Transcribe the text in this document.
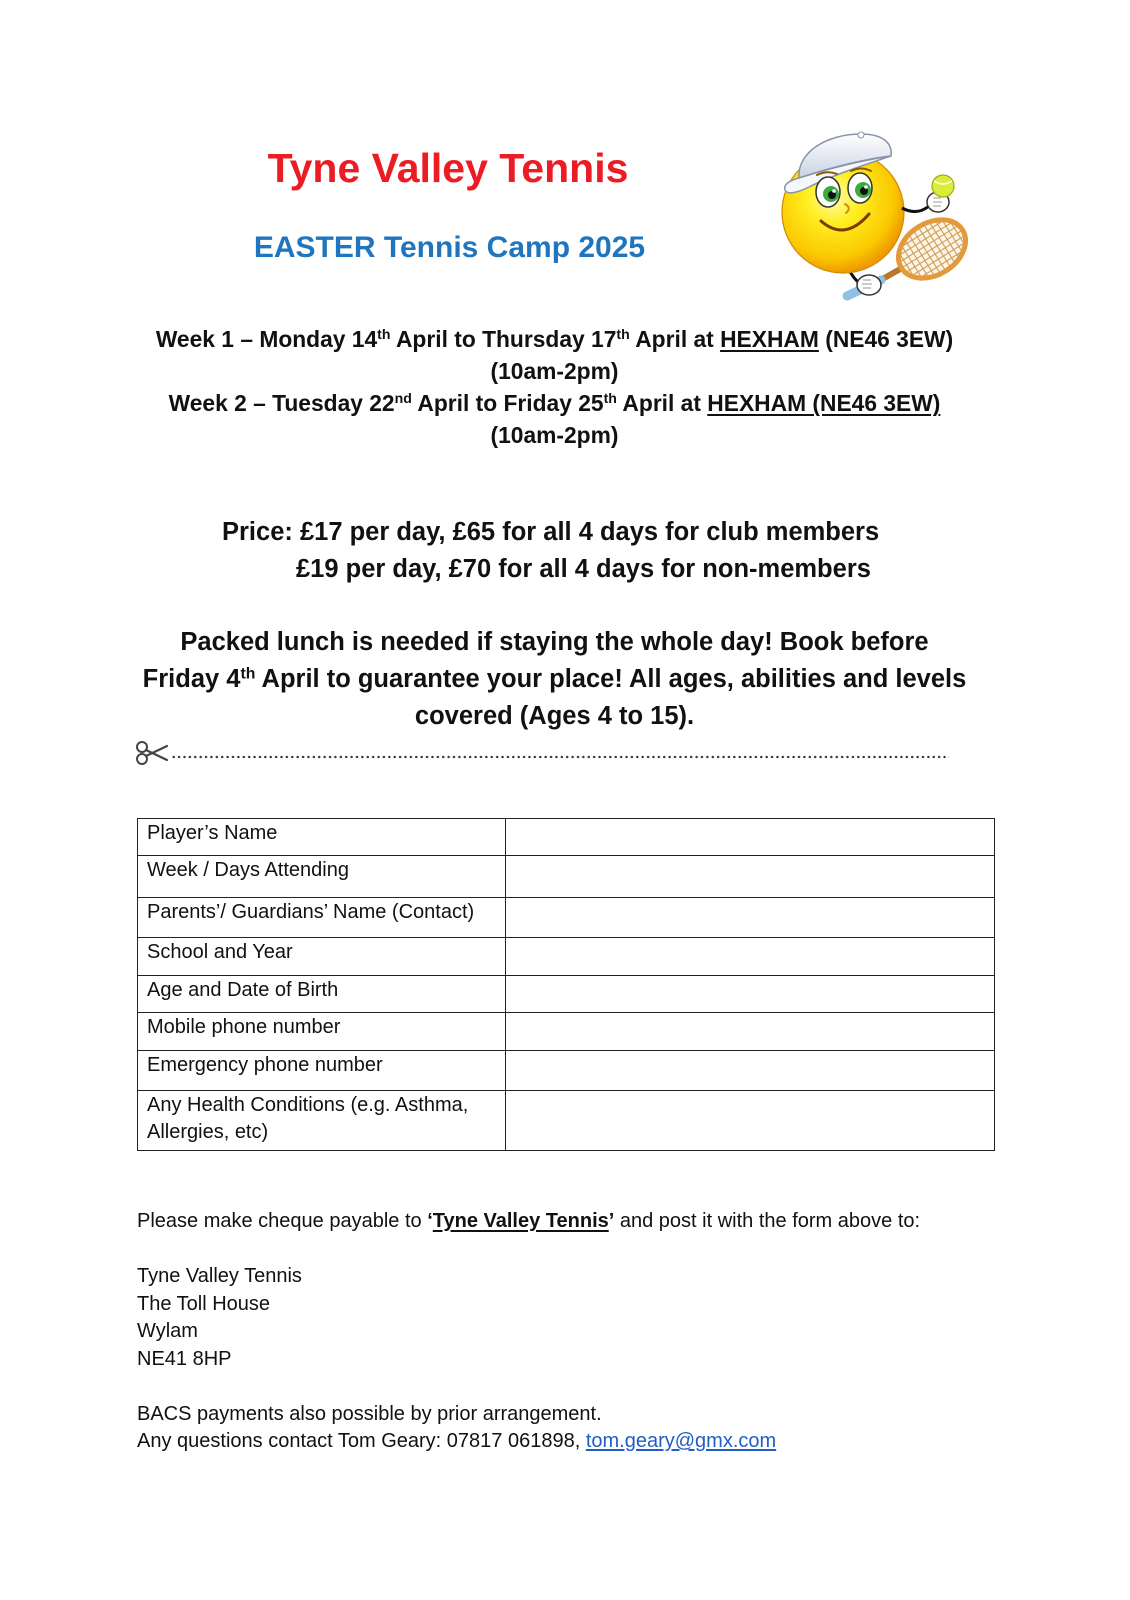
Tyne Valley Tennis
EASTER Tennis Camp 2025
Week 1 – Monday 14th April to Thursday 17th April at HEXHAM (NE46 3EW)
(10am-2pm)
Week 2 – Tuesday 22nd April to Friday 25th April at HEXHAM (NE46 3EW)
(10am-2pm)
Price: £17 per day, £65 for all 4 days for club members
£19 per day, £70 for all 4 days for non-members
Packed lunch is needed if staying the whole day! Book before
Friday 4th April to guarantee your place! All ages, abilities and levels
covered (Ages 4 to 15).
Player’s Name	
Week / Days Attending	
Parents’/ Guardians’ Name (Contact)	
School and Year	
Age and Date of Birth	
Mobile phone number	
Emergency phone number	
Any Health Conditions (e.g. Asthma, Allergies, etc)	
Please make cheque payable to ‘Tyne Valley Tennis’ and post it with the form above to:
Tyne Valley Tennis
The Toll House
Wylam
NE41 8HP
BACS payments also possible by prior arrangement.
Any questions contact Tom Geary: 07817 061898, tom.geary@gmx.com
